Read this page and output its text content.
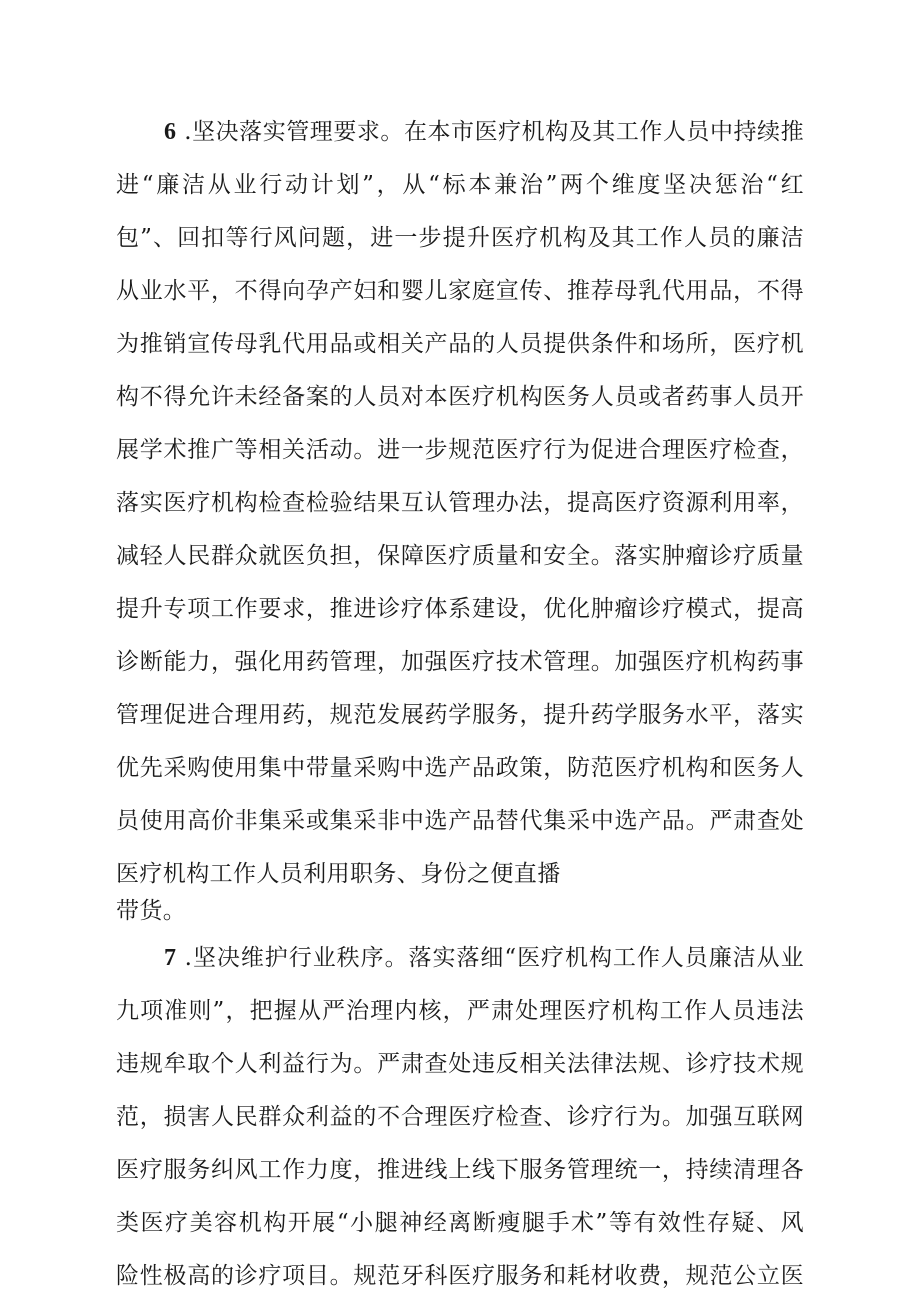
6 .坚决落实管理要求。在本市医疗机构及其工作人员中持续推

进“廉洁从业行动计划”，从“标本兼治”两个维度坚决惩治“红

包”、回扣等行风问题，进一步提升医疗机构及其工作人员的廉洁

从业水平，不得向孕产妇和婴儿家庭宣传、推荐母乳代用品，不得

为推销宣传母乳代用品或相关产品的人员提供条件和场所，医疗机

构不得允许未经备案的人员对本医疗机构医务人员或者药事人员开

展学术推广等相关活动。进一步规范医疗行为促进合理医疗检查，

落实医疗机构检查检验结果互认管理办法，提高医疗资源利用率，

减轻人民群众就医负担，保障医疗质量和安全。落实肿瘤诊疗质量

提升专项工作要求，推进诊疗体系建设，优化肿瘤诊疗模式，提高

诊断能力，强化用药管理，加强医疗技术管理。加强医疗机构药事

管理促进合理用药，规范发展药学服务，提升药学服务水平，落实

优先采购使用集中带量采购中选产品政策，防范医疗机构和医务人

员使用高价非集采或集采非中选产品替代集采中选产品。严肃查处

医疗机构工作人员利用职务、身份之便直播

带货。

7 .坚决维护行业秩序。落实落细“医疗机构工作人员廉洁从业

九项准则”，把握从严治理内核，严肃处理医疗机构工作人员违法

违规牟取个人利益行为。严肃查处违反相关法律法规、诊疗技术规

范，损害人民群众利益的不合理医疗检查、诊疗行为。加强互联网

医疗服务纠风工作力度，推进线上线下服务管理统一，持续清理各

类医疗美容机构开展“小腿神经离断瘦腿手术”等有效性存疑、风

险性极高的诊疗项目。规范牙科医疗服务和耗材收费，规范公立医
